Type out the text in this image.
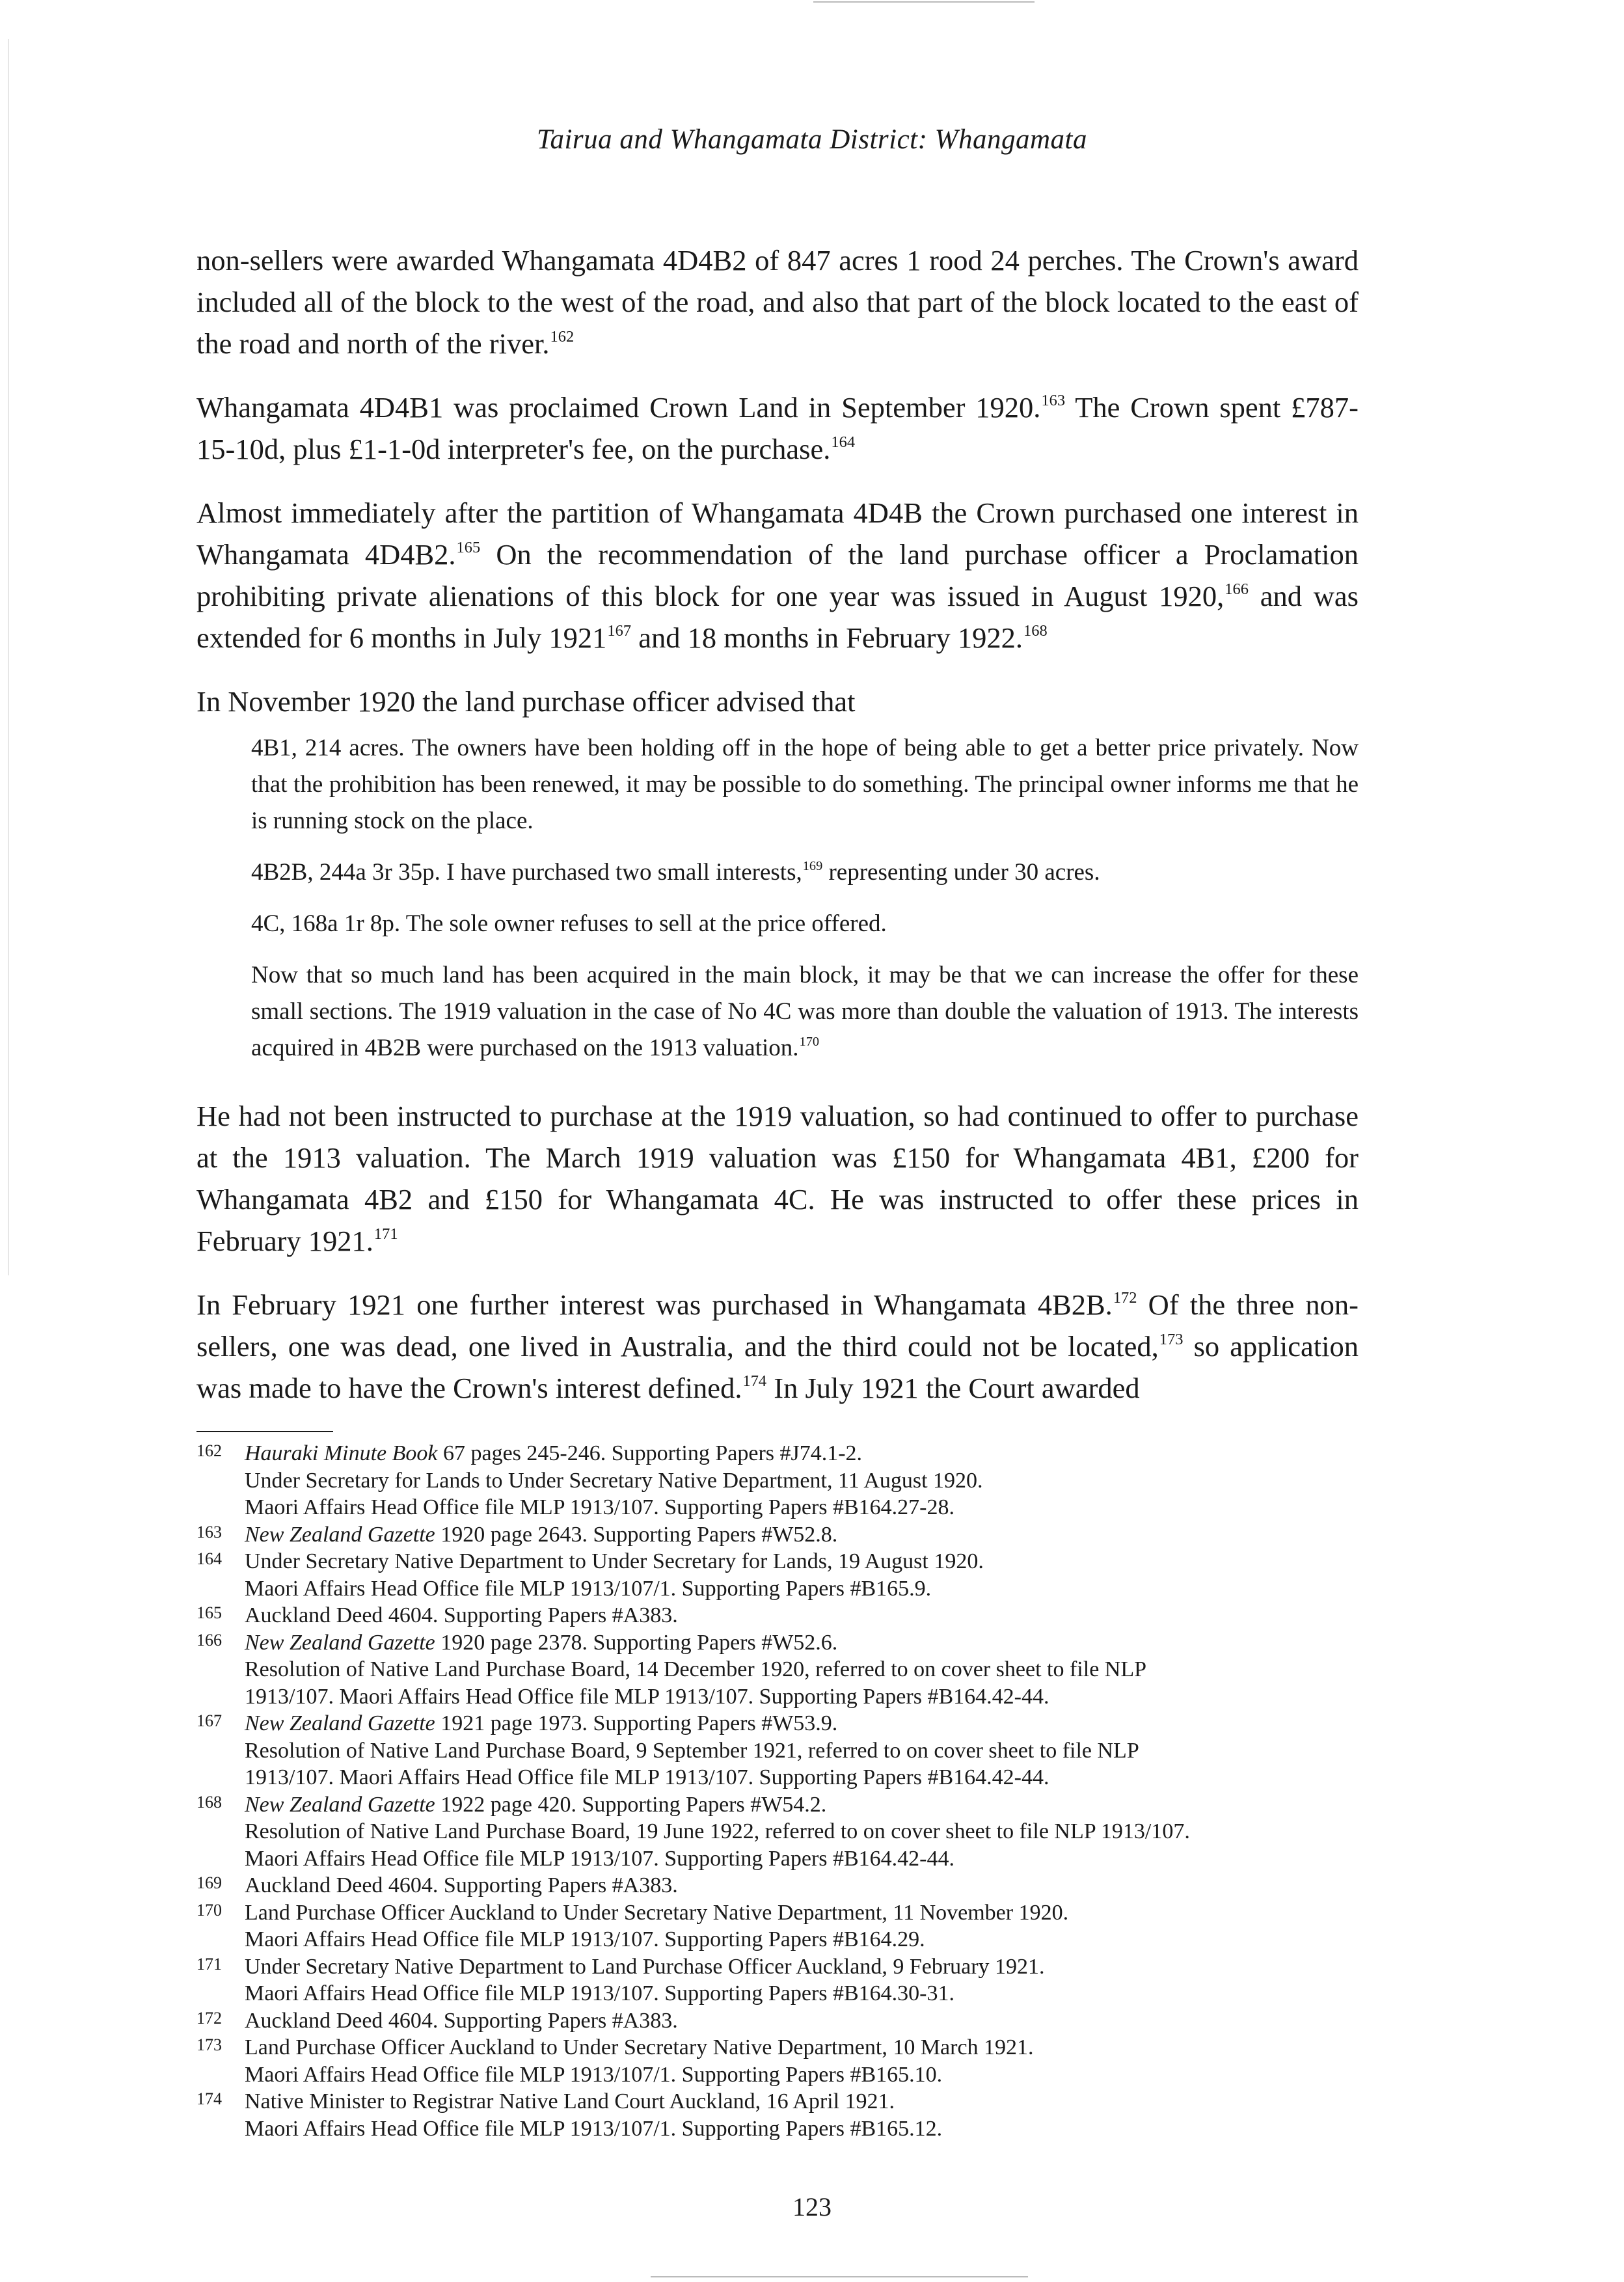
Tairua and Whangamata District: Whangamata

non-sellers were awarded Whangamata 4D4B2 of 847 acres 1 rood 24 perches. The Crown's award included all of the block to the west of the road, and also that part of the block located to the east of the road and north of the river.$^{162}$

Whangamata 4D4B1 was proclaimed Crown Land in September 1920.$^{163}$ The Crown spent £787-15-10d, plus £1-1-0d interpreter's fee, on the purchase.$^{164}$

Almost immediately after the partition of Whangamata 4D4B the Crown purchased one interest in Whangamata 4D4B2.$^{165}$ On the recommendation of the land purchase officer a Proclamation prohibiting private alienations of this block for one year was issued in August 1920,$^{166}$ and was extended for 6 months in July 1921$^{167}$ and 18 months in February 1922.$^{168}$

In November 1920 the land purchase officer advised that

4B1, 214 acres. The owners have been holding off in the hope of being able to get a better price privately. Now that the prohibition has been renewed, it may be possible to do something. The principal owner informs me that he is running stock on the place.

4B2B, 244a 3r 35p. I have purchased two small interests,$^{169}$ representing under 30 acres.

4C, 168a 1r 8p. The sole owner refuses to sell at the price offered.

Now that so much land has been acquired in the main block, it may be that we can increase the offer for these small sections. The 1919 valuation in the case of No 4C was more than double the valuation of 1913. The interests acquired in 4B2B were purchased on the 1913 valuation.$^{170}$

He had not been instructed to purchase at the 1919 valuation, so had continued to offer to purchase at the 1913 valuation. The March 1919 valuation was £150 for Whangamata 4B1, £200 for Whangamata 4B2 and £150 for Whangamata 4C. He was instructed to offer these prices in February 1921.$^{171}$

In February 1921 one further interest was purchased in Whangamata 4B2B.$^{172}$ Of the three non-sellers, one was dead, one lived in Australia, and the third could not be located,$^{173}$ so application was made to have the Crown's interest defined.$^{174}$ In July 1921 the Court awarded

162	Hauraki Minute Book 67 pages 245-246. Supporting Papers #J74.1-2.
Under Secretary for Lands to Under Secretary Native Department, 11 August 1920.
Maori Affairs Head Office file MLP 1913/107. Supporting Papers #B164.27-28.
163	New Zealand Gazette 1920 page 2643. Supporting Papers #W52.8.
164	Under Secretary Native Department to Under Secretary for Lands, 19 August 1920.
Maori Affairs Head Office file MLP 1913/107/1. Supporting Papers #B165.9.
165	Auckland Deed 4604. Supporting Papers #A383.
166	New Zealand Gazette 1920 page 2378. Supporting Papers #W52.6.
Resolution of Native Land Purchase Board, 14 December 1920, referred to on cover sheet to file NLP
1913/107. Maori Affairs Head Office file MLP 1913/107. Supporting Papers #B164.42-44.
167	New Zealand Gazette 1921 page 1973. Supporting Papers #W53.9.
Resolution of Native Land Purchase Board, 9 September 1921, referred to on cover sheet to file NLP
1913/107. Maori Affairs Head Office file MLP 1913/107. Supporting Papers #B164.42-44.
168	New Zealand Gazette 1922 page 420. Supporting Papers #W54.2.
Resolution of Native Land Purchase Board, 19 June 1922, referred to on cover sheet to file NLP 1913/107.
Maori Affairs Head Office file MLP 1913/107. Supporting Papers #B164.42-44.
169	Auckland Deed 4604. Supporting Papers #A383.
170	Land Purchase Officer Auckland to Under Secretary Native Department, 11 November 1920.
Maori Affairs Head Office file MLP 1913/107. Supporting Papers #B164.29.
171	Under Secretary Native Department to Land Purchase Officer Auckland, 9 February 1921.
Maori Affairs Head Office file MLP 1913/107. Supporting Papers #B164.30-31.
172	Auckland Deed 4604. Supporting Papers #A383.
173	Land Purchase Officer Auckland to Under Secretary Native Department, 10 March 1921.
Maori Affairs Head Office file MLP 1913/107/1. Supporting Papers #B165.10.
174	Native Minister to Registrar Native Land Court Auckland, 16 April 1921.
Maori Affairs Head Office file MLP 1913/107/1. Supporting Papers #B165.12.
123
